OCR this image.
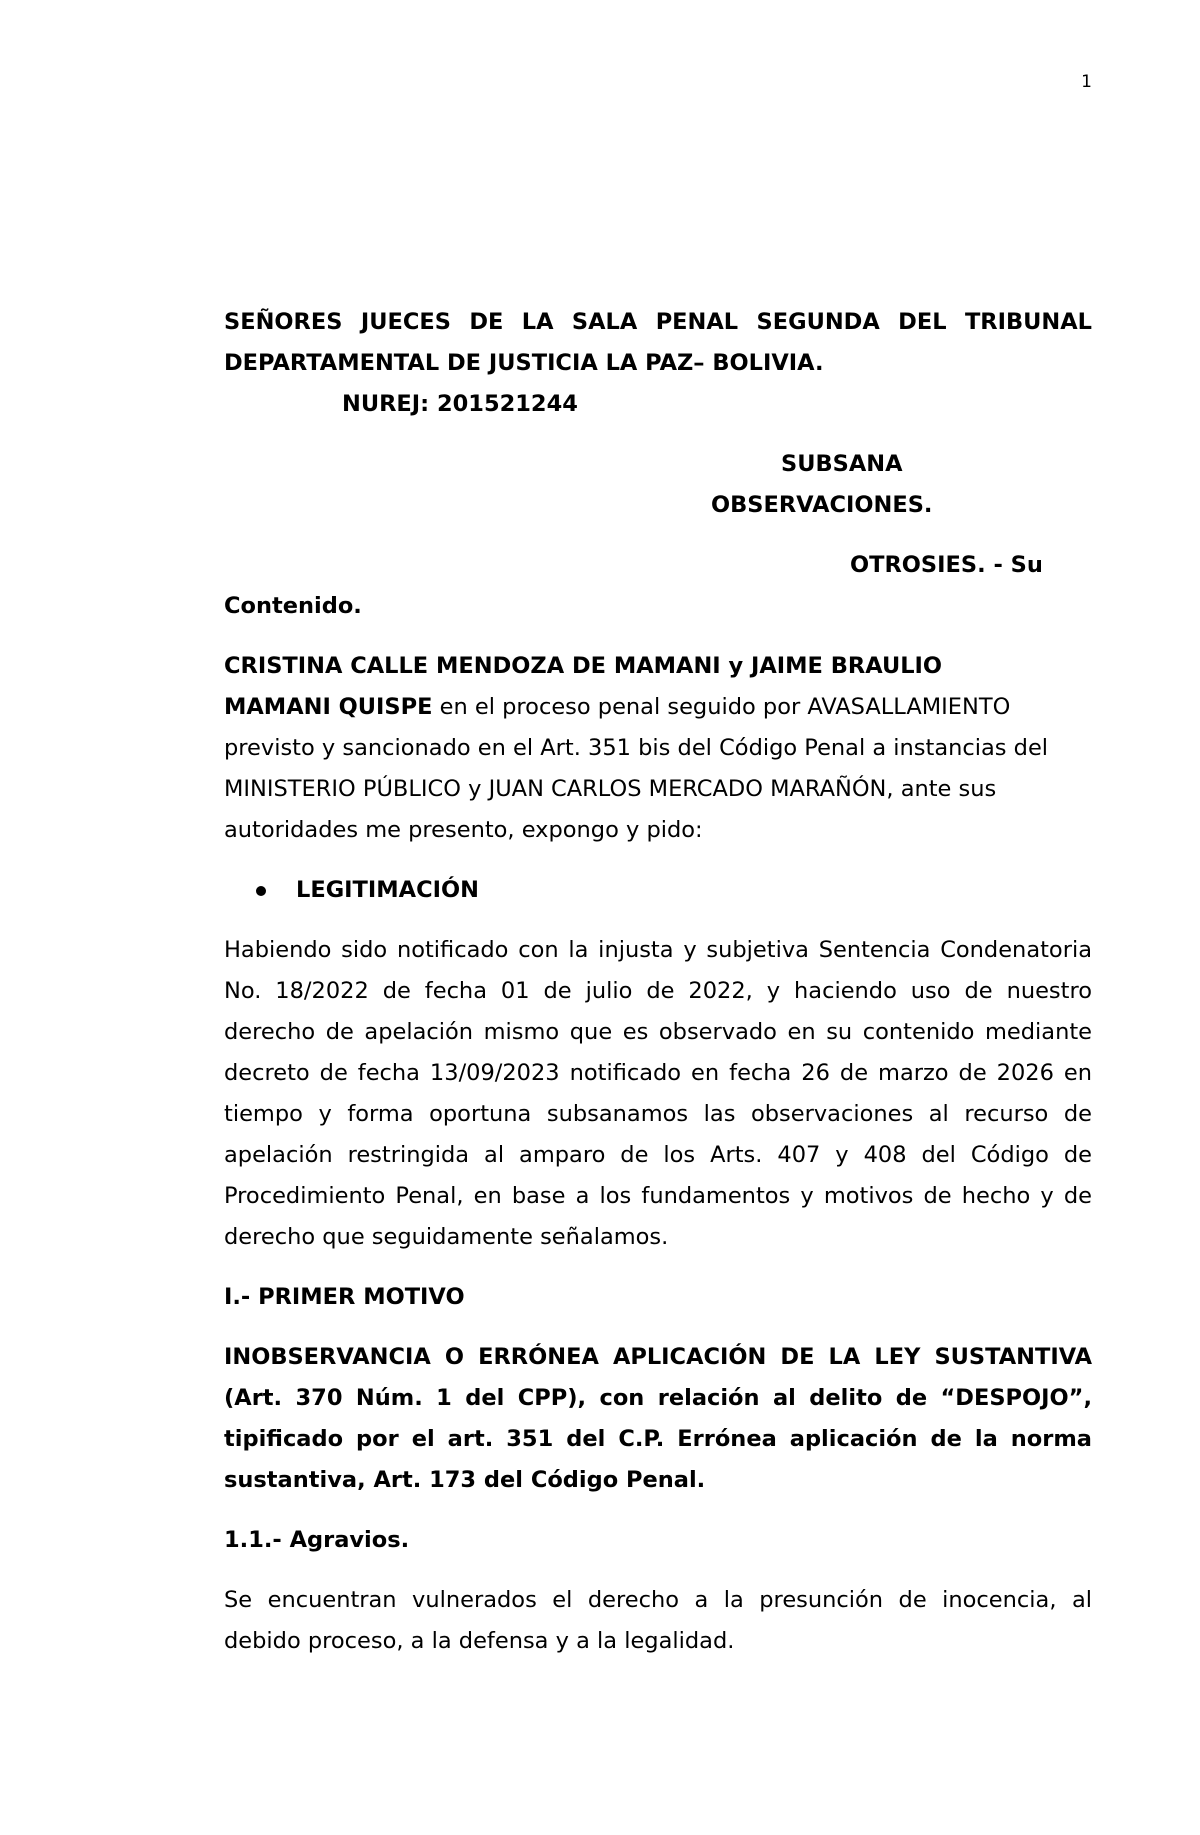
1

SEÑORES JUECES DE LA SALA PENAL SEGUNDA DEL TRIBUNAL

DEPARTAMENTAL DE JUSTICIA LA PAZ– BOLIVIA.

NUREJ: 201521244

SUBSANA

OBSERVACIONES.

OTROSIES. - Su

Contenido.

CRISTINA CALLE MENDOZA DE MAMANI y JAIME BRAULIO

MAMANI QUISPE en el proceso penal seguido por AVASALLAMIENTO

previsto y sancionado en el Art. 351 bis del Código Penal a instancias del

MINISTERIO PÚBLICO y JUAN CARLOS MERCADO MARAÑÓN, ante sus

autoridades me presento, expongo y pido:

LEGITIMACIÓN

Habiendo sido notificado con la injusta y subjetiva Sentencia Condenatoria No. 18/2022 de fecha 01 de julio de 2022, y haciendo uso de nuestro derecho de apelación mismo que es observado en su contenido mediante decreto de fecha 13/09/2023 notificado en fecha 26 de marzo de 2026 en tiempo y forma oportuna subsanamos las observaciones al recurso de apelación restringida al amparo de los Arts. 407 y 408 del Código de Procedimiento Penal, en base a los fundamentos y motivos de hecho y de derecho que seguidamente señalamos.

I.- PRIMER MOTIVO

INOBSERVANCIA O ERRÓNEA APLICACIÓN DE LA LEY SUSTANTIVA (Art. 370 Núm. 1 del CPP), con relación al delito de “DESPOJO”, tipificado por el art. 351 del C.P. Errónea aplicación de la norma sustantiva, Art. 173 del Código Penal.

1.1.- Agravios.

Se encuentran vulnerados el derecho a la presunción de inocencia, al debido proceso, a la defensa y a la legalidad.
